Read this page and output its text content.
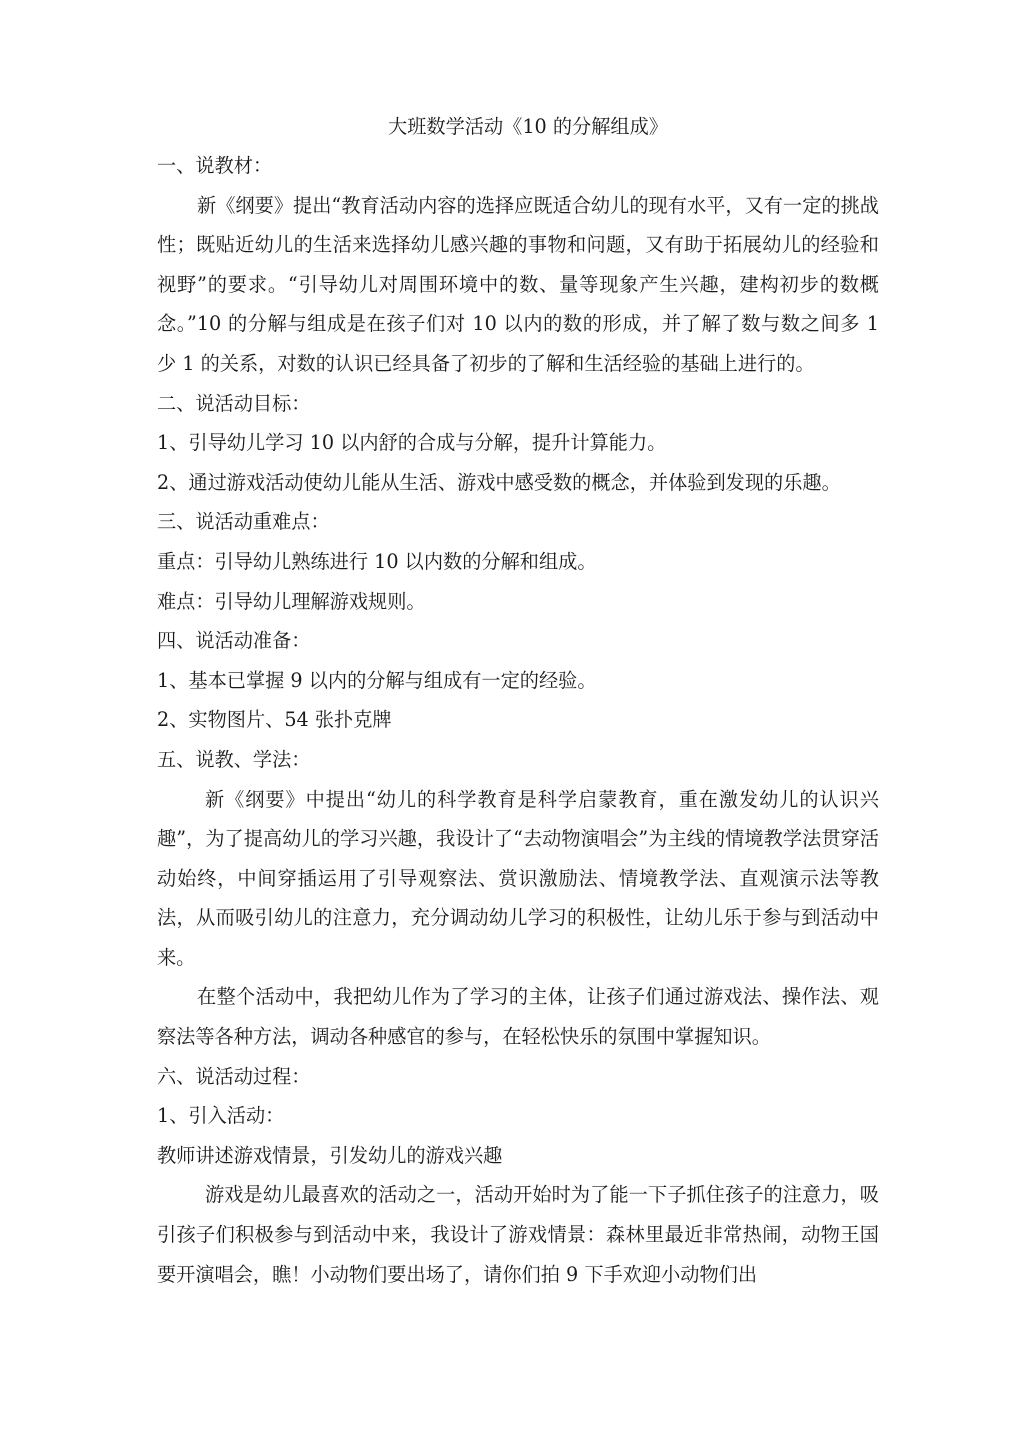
大班数学活动《10 的分解组成》
一、说教材：
新《纲要》提出“教育活动内容的选择应既适合幼儿的现有水平，又有一定的挑战性；既贴近幼儿的生活来选择幼儿感兴趣的事物和问题，又有助于拓展幼儿的经验和视野”的要求。“引导幼儿对周围环境中的数、量等现象产生兴趣，建构初步的数概念。”10 的分解与组成是在孩子们对 10 以内的数的形成，并了解了数与数之间多 1 少 1 的关系，对数的认识已经具备了初步的了解和生活经验的基础上进行的。
二、说活动目标：
1、引导幼儿学习 10 以内舒的合成与分解，提升计算能力。
2、通过游戏活动使幼儿能从生活、游戏中感受数的概念，并体验到发现的乐趣。
三、说活动重难点：
重点：引导幼儿熟练进行 10 以内数的分解和组成。
难点：引导幼儿理解游戏规则。
四、说活动准备：
1、基本已掌握 9 以内的分解与组成有一定的经验。
2、实物图片、54 张扑克牌
五、说教、学法：
新《纲要》中提出“幼儿的科学教育是科学启蒙教育，重在激发幼儿的认识兴趣”，为了提高幼儿的学习兴趣，我设计了“去动物演唱会”为主线的情境教学法贯穿活动始终，中间穿插运用了引导观察法、赏识激励法、情境教学法、直观演示法等教法，从而吸引幼儿的注意力，充分调动幼儿学习的积极性，让幼儿乐于参与到活动中来。
在整个活动中，我把幼儿作为了学习的主体，让孩子们通过游戏法、操作法、观察法等各种方法，调动各种感官的参与，在轻松快乐的氛围中掌握知识。
六、说活动过程：
1、引入活动：
教师讲述游戏情景，引发幼儿的游戏兴趣
游戏是幼儿最喜欢的活动之一，活动开始时为了能一下子抓住孩子的注意力，吸引孩子们积极参与到活动中来，我设计了游戏情景：森林里最近非常热闹，动物王国要开演唱会，瞧！小动物们要出场了，请你们拍 9 下手欢迎小动物们出
